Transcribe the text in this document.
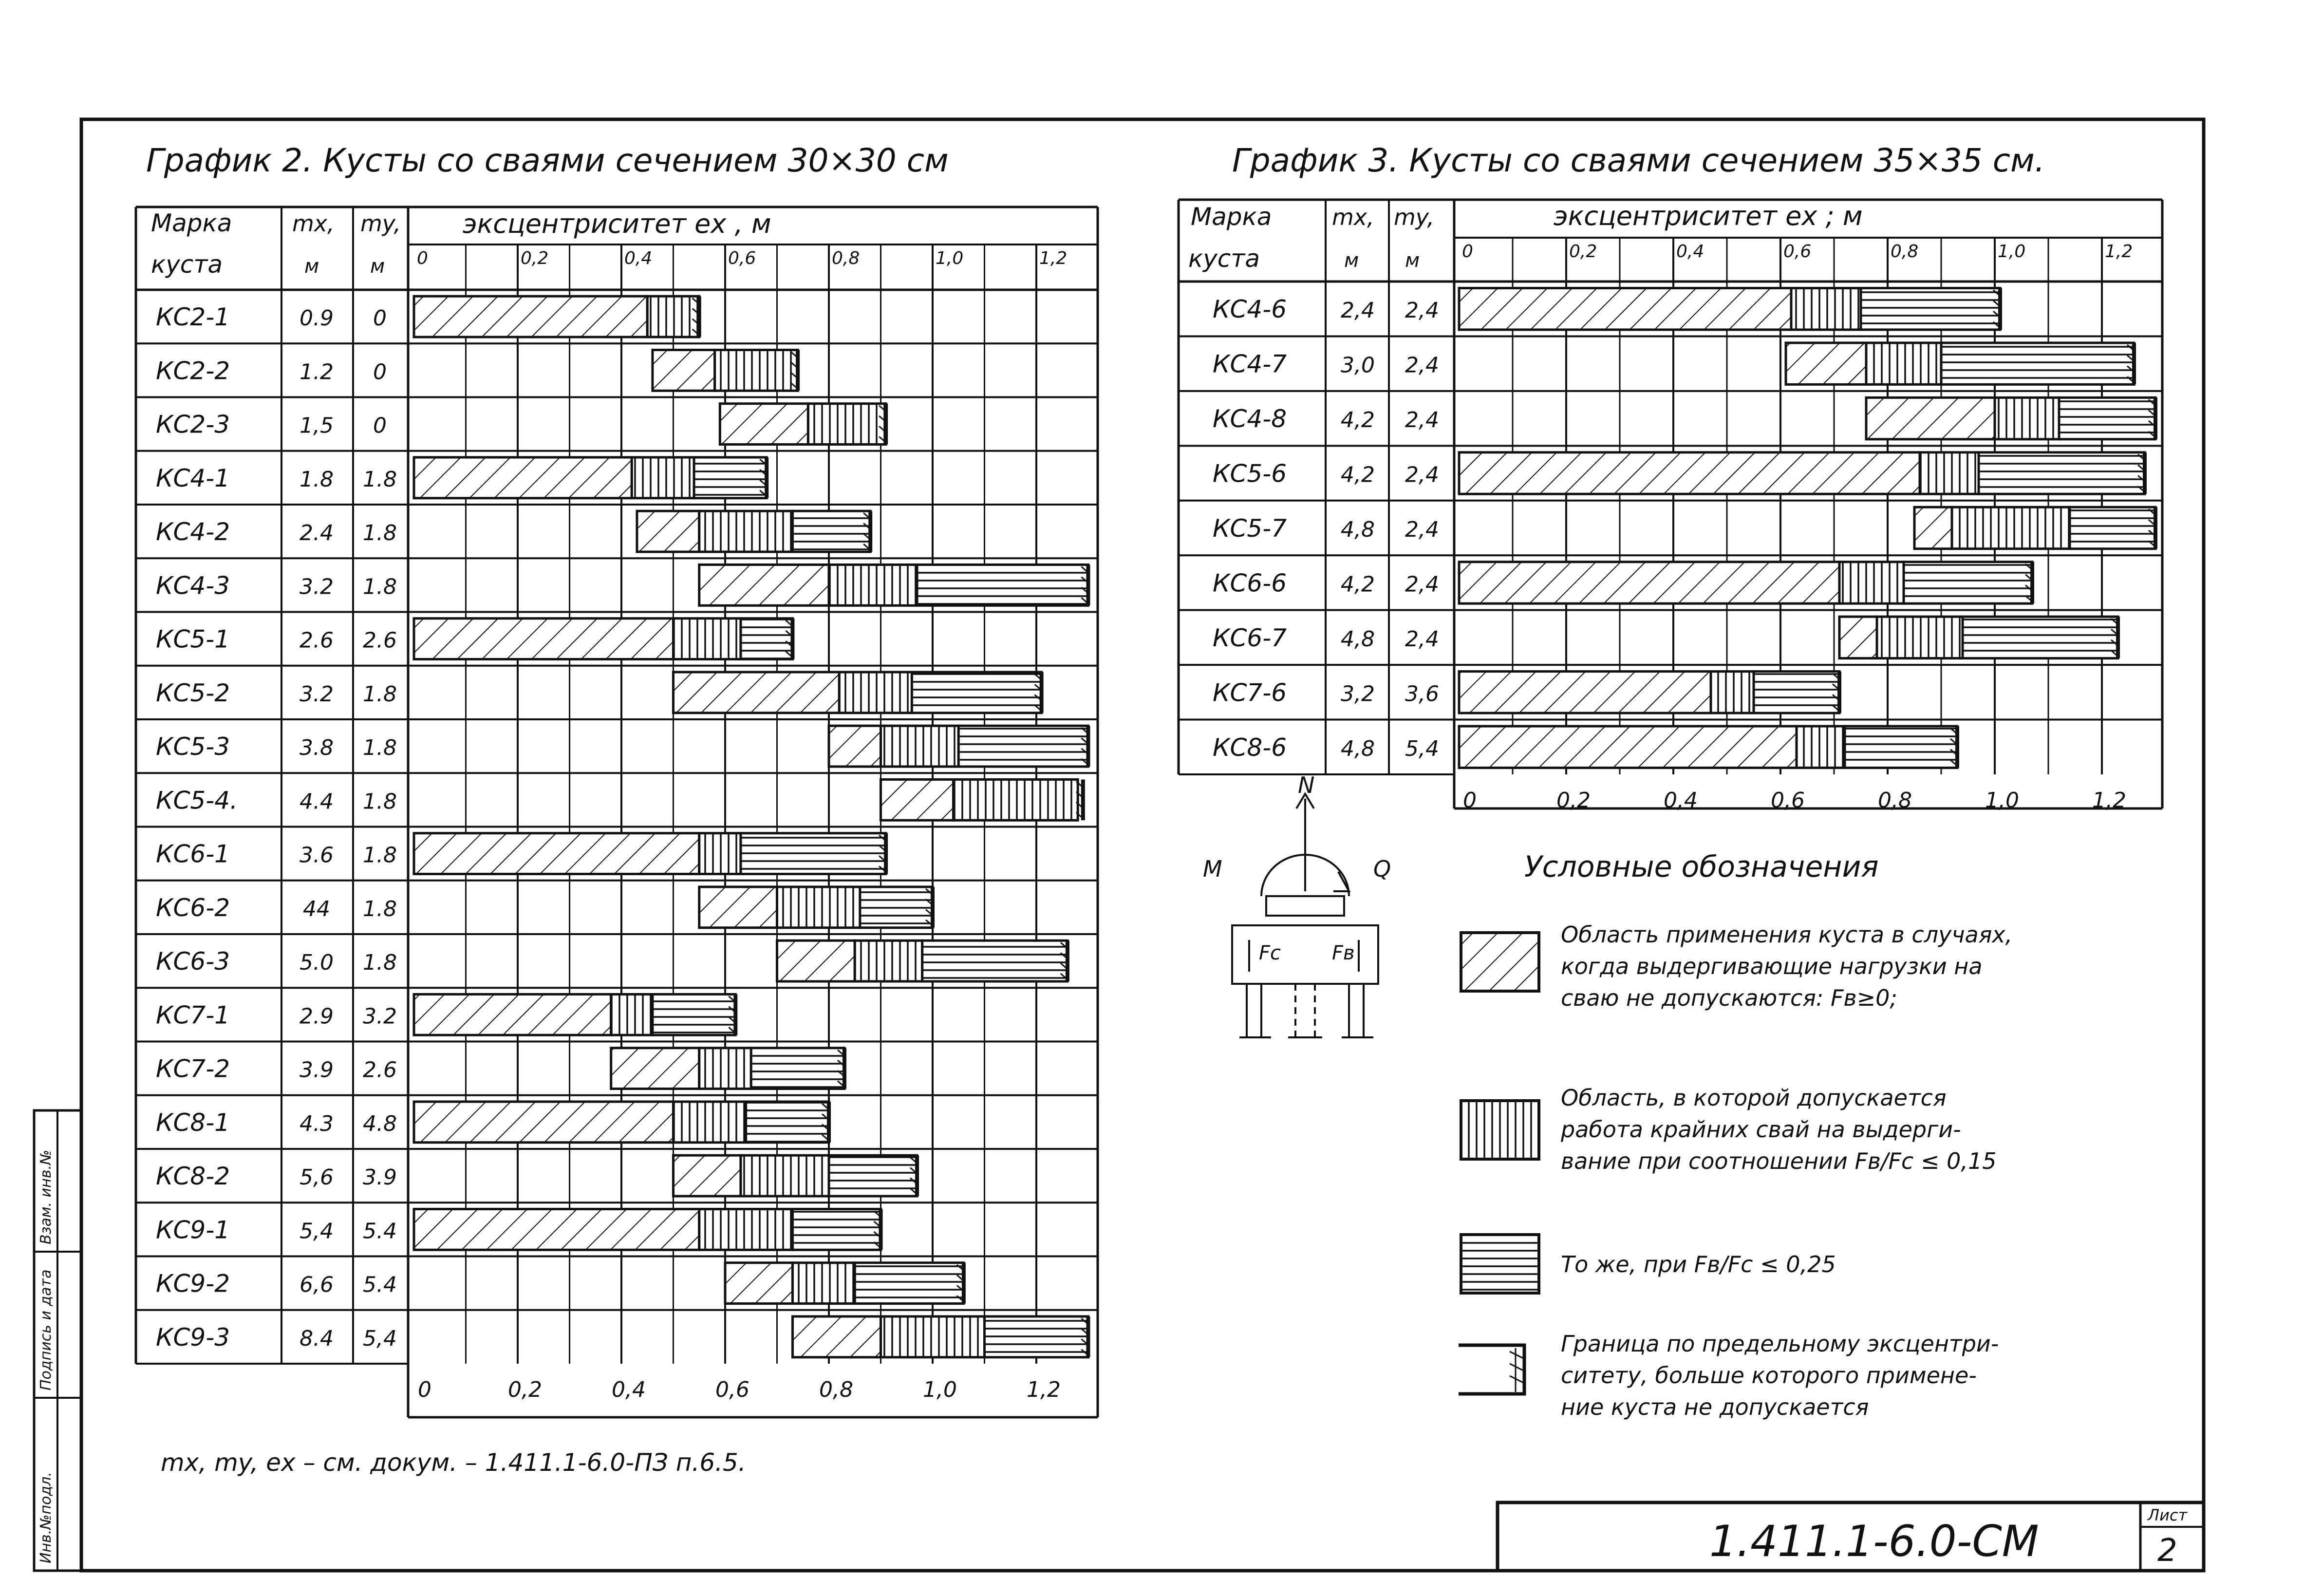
Инв.№подл.
Подпись и дата
Взам. инв.№
График 2. Кусты со сваями сечением 30×30 см	График 3. Кусты со сваями сечением 35×35 см.
Марка
куста
mx,
м
my,
м
эксцентриситет ex , м
0	0,2	0,4	0,6	0,8	1,0	1,2
0	0,2	0,4	0,6	0,8	1,0	1,2
КС2-1	0.9 0
КС2-2	1.2 0
КС2-3	1,5 0
КС4-1	1.8 1.8
КС4-2	2.4 1.8
КС4-3	3.2 1.8
КС5-1	2.6 2.6
КС5-2	3.2 1.8
КС5-3	3.8 1.8
КС5-4.	4.4 1.8
КС6-1	3.6 1.8
КС6-2	44 1.8
КС6-3	5.0 1.8
КС7-1	2.9 3.2
КС7-2	3.9 2.6
КС8-1	4.3 4.8
КС8-2	5,6 3.9
КС9-1	5,4 5.4
КС9-2	6,6 5.4
КС9-3	8.4 5,4
Марка
куста
mx,
м
my,
м
эксцентриситет ex ; м
0	0,2	0,4	0,6	0,8	1,0	1,2
0	0,2	0,4	0,6	0,8	1,0	1,2
КС4-6	2,4 2,4
КС4-7	3,0 2,4
КС4-8	4,2 2,4
КС5-6	4,2 2,4
КС5-7	4,8 2,4
КС6-6	4,2 2,4
КС6-7	4,8 2,4
КС7-6	3,2 3,6
КС8-6	4,8 5,4
N
M	Q
Fc	Fв
Условные обозначения
Область применения куста в случаях,
когда выдергивающие нагрузки на
сваю не допускаются: Fв≥0;
Область, в которой допускается
работа крайних свай на выдерги-
вание при соотношении Fв/Fc ≤ 0,15
То же, при Fв/Fc ≤ 0,25
Граница по предельному эксцентри-
ситету, больше которого примене-
ние куста не допускается
mx, my, ex – см. докум. – 1.411.1-6.0-ПЗ п.6.5.
1.411.1-6.0-СМ
Лист
2
